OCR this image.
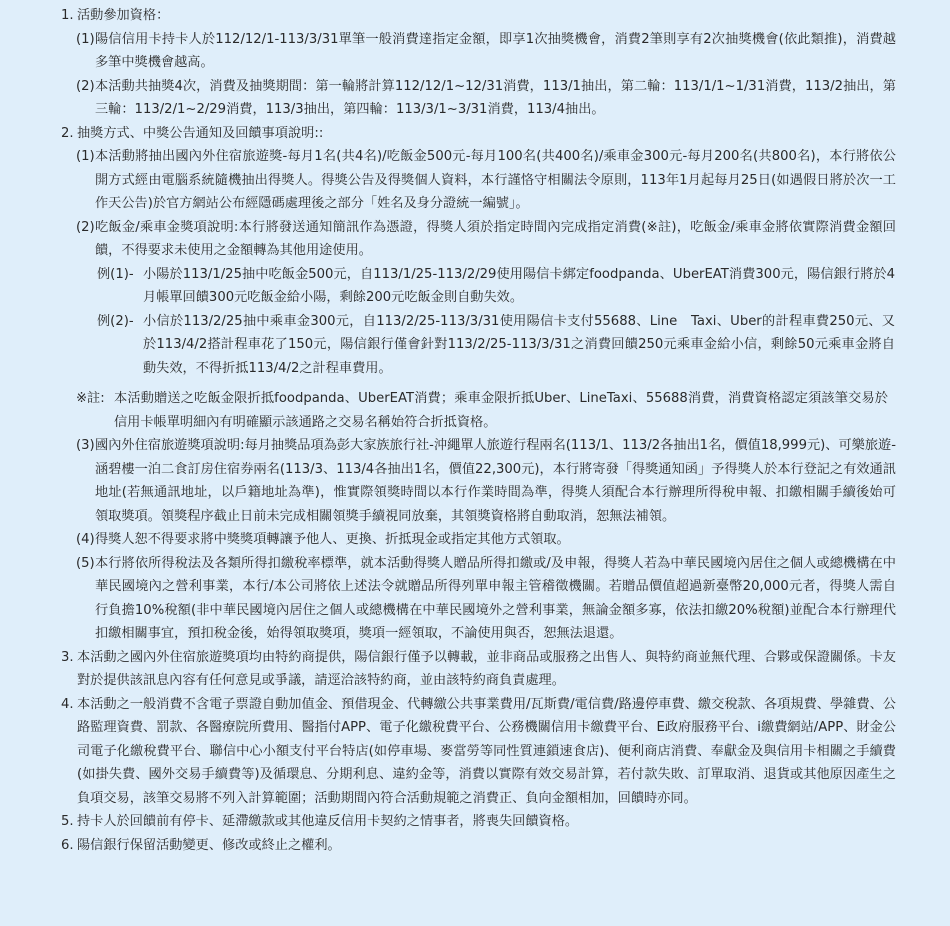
1. 活動參加資格：
(1) 陽信信用卡持卡人於112/12/1-113/3/31單筆一般消費達指定金額，即享1次抽獎機會，消費2筆則享有2次抽獎機會(依此類推)，消費越多筆中獎機會越高。
(2) 本活動共抽獎4次，消費及抽獎期間：第一輪將計算112/12/1~12/31消費，113/1抽出，第二輪：113/1/1~1/31消費，113/2抽出，第三輪：113/2/1~2/29消費，113/3抽出，第四輪：113/3/1~3/31消費，113/4抽出。
2. 抽獎方式、中獎公告通知及回饋事項說明::
(1) 本活動將抽出國內外住宿旅遊獎-每月1名(共4名)/吃飯金500元-每月100名(共400名)/乘車金300元-每月200名(共800名)，本行將依公開方式經由電腦系統隨機抽出得獎人。得獎公告及得獎個人資料，本行謹恪守相關法令原則，113年1月起每月25日(如遇假日將於次一工作天公告)於官方網站公布經隱碼處理後之部分「姓名及身分證統一編號」。
(2) 吃飯金/乘車金獎項說明:本行將發送通知簡訊作為憑證，得獎人須於指定時間內完成指定消費(※註)，吃飯金/乘車金將依實際消費金額回饋，不得要求未使用之金額轉為其他用途使用。
例(1)- 小陽於113/1/25抽中吃飯金500元，自113/1/25-113/2/29使用陽信卡綁定foodpanda、UberEAT消費300元，陽信銀行將於4月帳單回饋300元吃飯金給小陽，剩餘200元吃飯金則自動失效。
例(2)- 小信於113/2/25抽中乘車金300元，自113/2/25-113/3/31使用陽信卡支付55688、Line　Taxi、Uber的計程車費250元、又於113/4/2搭計程車花了150元，陽信銀行僅會針對113/2/25-113/3/31之消費回饋250元乘車金給小信，剩餘50元乘車金將自動失效，不得折抵113/4/2之計程車費用。
※註: 本活動贈送之吃飯金限折抵foodpanda、UberEAT消費；乘車金限折抵Uber、LineTaxi、55688消費，消費資格認定須該筆交易於信用卡帳單明細內有明確顯示該通路之交易名稱始符合折抵資格。
(3) 國內外住宿旅遊獎項說明:每月抽獎品項為彭大家族旅行社-沖繩單人旅遊行程兩名(113/1、113/2各抽出1名，價值18,999元)、可樂旅遊-涵碧樓一泊二食訂房住宿券兩名(113/3、113/4各抽出1名，價值22,300元)，本行將寄發「得獎通知函」予得獎人於本行登記之有效通訊地址(若無通訊地址，以戶籍地址為準)，惟實際領獎時間以本行作業時間為準，得獎人須配合本行辦理所得稅申報、扣繳相關手續後始可領取獎項。領獎程序截止日前未完成相關領獎手續視同放棄，其領獎資格將自動取消，恕無法補領。
(4) 得獎人恕不得要求將中獎獎項轉讓予他人、更換、折抵現金或指定其他方式領取。
(5) 本行將依所得稅法及各類所得扣繳稅率標準，就本活動得獎人贈品所得扣繳或/及申報，得獎人若為中華民國境內居住之個人或總機構在中華民國境內之營利事業，本行/本公司將依上述法令就贈品所得列單申報主管稽徵機關。若贈品價值超過新臺幣20,000元者，得獎人需自行負擔10%稅額(非中華民國境內居住之個人或總機構在中華民國境外之營利事業，無論金額多寡，依法扣繳20%稅額)並配合本行辦理代扣繳相關事宜，預扣稅金後，始得領取獎項，獎項一經領取，不論使用與否，恕無法退還。
3. 本活動之國內外住宿旅遊獎項均由特約商提供，陽信銀行僅予以轉載，並非商品或服務之出售人、與特約商並無代理、合夥或保證關係。卡友對於提供該訊息內容有任何意見或爭議，請逕洽該特約商，並由該特約商負責處理。
4. 本活動之一般消費不含電子票證自動加值金、預借現金、代轉繳公共事業費用/瓦斯費/電信費/路邊停車費、繳交稅款、各項規費、學雜費、公路監理資費、罰款、各醫療院所費用、醫指付APP、電子化繳稅費平台、公務機關信用卡繳費平台、E政府服務平台、i繳費網站/APP、財金公司電子化繳稅費平台、聯信中心小額支付平台特店(如停車場、麥當勞等同性質連鎖速食店)、便利商店消費、奉獻金及與信用卡相關之手續費(如掛失費、國外交易手續費等)及循環息、分期利息、違約金等，消費以實際有效交易計算，若付款失敗、訂單取消、退貨或其他原因產生之負項交易，該筆交易將不列入計算範圍；活動期間內符合活動規範之消費正、負向金額相加，回饋時亦同。
5. 持卡人於回饋前有停卡、延滯繳款或其他違反信用卡契約之情事者，將喪失回饋資格。
6. 陽信銀行保留活動變更、修改或終止之權利。
